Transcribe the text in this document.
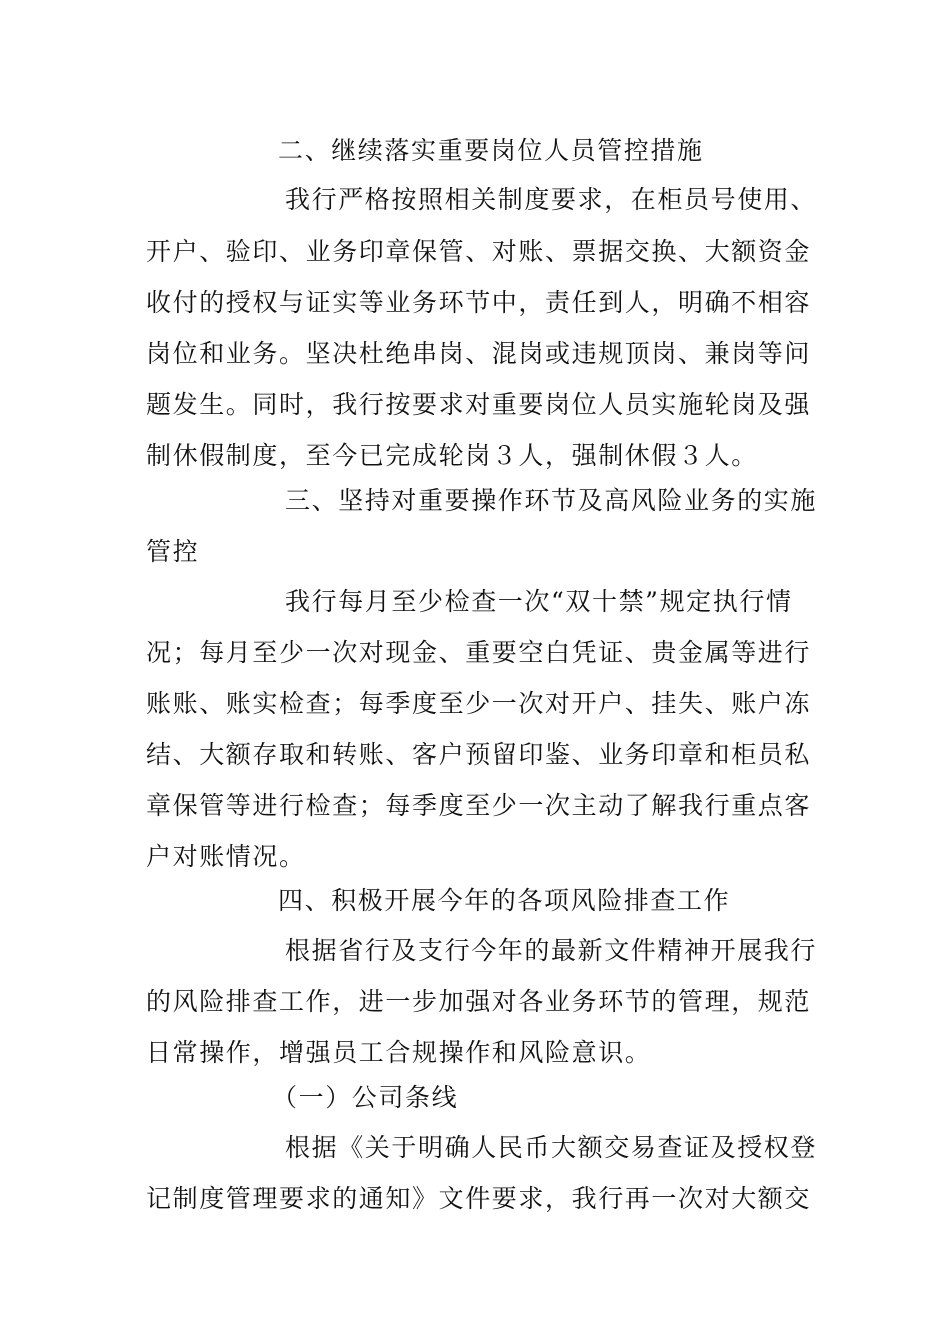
二、继续落实重要岗位人员管控措施
我行严格按照相关制度要求，在柜员号使用、
开户、验印、业务印章保管、对账、票据交换、大额资金
收付的授权与证实等业务环节中，责任到人，明确不相容
岗位和业务。坚决杜绝串岗、混岗或违规顶岗、兼岗等问
题发生。同时，我行按要求对重要岗位人员实施轮岗及强
制休假制度，至今已完成轮岗３人，强制休假３人。
三、坚持对重要操作环节及高风险业务的实施
管控
我行每月至少检查一次“双十禁”规定执行情
况；每月至少一次对现金、重要空白凭证、贵金属等进行
账账、账实检查；每季度至少一次对开户、挂失、账户冻
结、大额存取和转账、客户预留印鉴、业务印章和柜员私
章保管等进行检查；每季度至少一次主动了解我行重点客
户对账情况。
四、积极开展今年的各项风险排查工作
根据省行及支行今年的最新文件精神开展我行
的风险排查工作，进一步加强对各业务环节的管理，规范
日常操作，增强员工合规操作和风险意识。
（一）公司条线
根据《关于明确人民币大额交易查证及授权登
记制度管理要求的通知》文件要求，我行再一次对大额交
